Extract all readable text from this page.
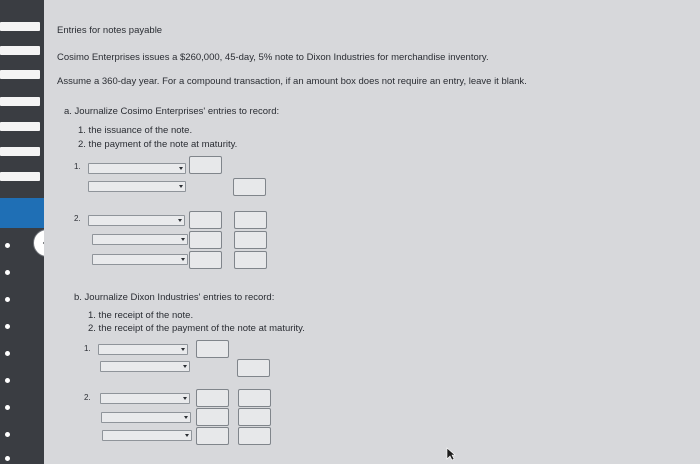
Entries for notes payable
Cosimo Enterprises issues a $260,000, 45-day, 5% note to Dixon Industries for merchandise inventory.
Assume a 360-day year. For a compound transaction, if an amount box does not require an entry, leave it blank.
a. Journalize Cosimo Enterprises' entries to record:
1. the issuance of the note.
2. the payment of the note at maturity.
1.
2.
b. Journalize Dixon Industries' entries to record:
1. the receipt of the note.
2. the receipt of the payment of the note at maturity.
1.
2.
